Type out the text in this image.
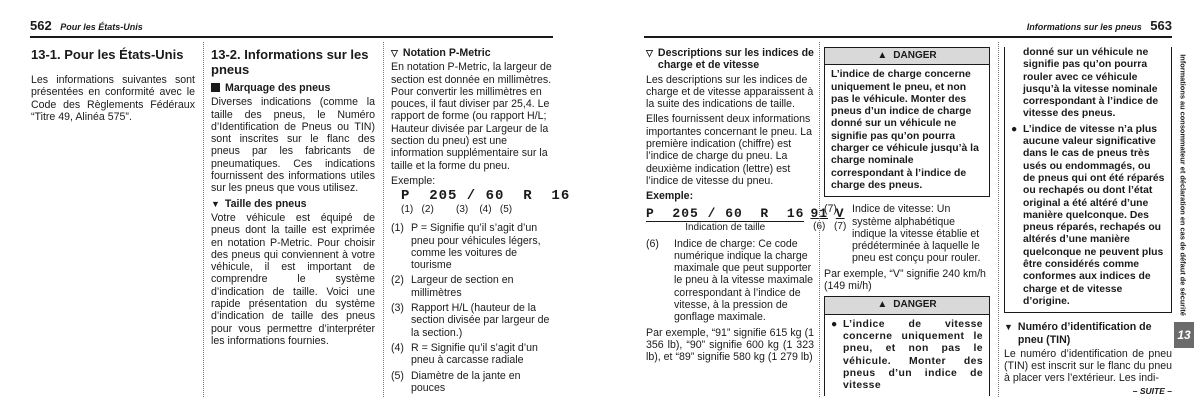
562 Pour les États-Unis
13-1. Pour les États-Unis

Les informations suivantes sont présentées en conformité avec le Code des Règlements Fédéraux “Titre 49, Alinéa 575”.

13-2. Informations sur les pneus
Marquage des pneus

Diverses indications (comme la taille des pneus, le Numéro d’Identification de Pneus ou TIN) sont inscrites sur le flanc des pneus par les fabricants de pneumatiques. Ces indications fournissent des informations utiles sur les pneus que vous utilisez.

▼ Taille des pneus

Votre véhicule est équipé de pneus dont la taille est exprimée en notation P-Metric. Pour choisir des pneus qui conviennent à votre véhicule, il est important de comprendre le système d’indication de taille. Voici une rapide présentation du système d’indication de taille des pneus pour vous permettre d’interpréter les informations fournies.

▽ Notation P-Metric

En notation P-Metric, la largeur de section est donnée en millimètres. Pour convertir les millimètres en pouces, il faut diviser par 25,4. Le rapport de forme (ou rapport H/L; Hauteur divisée par Largeur de la section du pneu) est une information supplémentaire sur la taille et la forme du pneu.

Exemple:

P  205 / 60  R  16
(1)   (2)        (3)    (4)   (5)
(1) P = Signifie qu’il s’agit d’un pneu pour véhicules légers, comme les voitures de tourisme
(2) Largeur de section en millimètres
(3) Rapport H/L (hauteur de la section divisée par largeur de la section.)
(4) R = Signifie qu’il s’agit d’un pneu à carcasse radiale
(5) Diamètre de la jante en pouces
Informations sur les pneus 563
▽ Descriptions sur les indices de charge et de vitesse

Les descriptions sur les indices de charge et de vitesse apparaissent à la suite des indications de taille.

Elles fournissent deux informations importantes concernant le pneu. La première indication (chiffre) est l’indice de charge du pneu. La deuxième indication (lettre) est l’indice de vitesse du pneu.

Exemple:
P  205 / 60  R  16
Indication de taille
91
(6)
V
(7)
(6)	Indice de charge: Ce code numérique indique la charge maximale que peut supporter le pneu à la vitesse maximale correspondant à l’indice de vitesse, à la pression de gonflage maximale.

Par exemple, “91” signifie 615 kg (1 356 lb), “90” signifie 600 kg (1 323 lb), et “89” signifie 580 kg (1 279 lb)

▲ DANGER
L’indice de charge concerne uniquement le pneu, et non pas le véhicule. Monter des pneus d’un indice de charge donné sur un véhicule ne signifie pas qu’on pourra charger ce véhicule jusqu’à la charge nominale correspondant à l’indice de charge des pneus.
(7)	Indice de vitesse: Un système alphabétique indique la vitesse établie et prédéterminée à laquelle le pneu est conçu pour rouler.

Par exemple, “V” signifie 240 km/h (149 mi/h)

▲ DANGER
● L’indice de vitesse concerne uniquement le pneu, et non pas le véhicule. Monter des pneus d’un indice de vitesse

donné sur un véhicule ne signifie pas qu’on pourra rouler avec ce véhicule jusqu’à la vitesse nominale correspondant à l’indice de vitesse des pneus.

● L’indice de vitesse n’a plus aucune valeur significative dans le cas de pneus très usés ou endommagés, ou de pneus qui ont été réparés ou rechapés ou dont l’état original a été altéré d’une manière quelconque. Des pneus réparés, rechapés ou altérés d’une manière quelconque ne peuvent plus être considérés comme conformes aux indices de charge et de vitesse d’origine.
▼ Numéro d’identification de pneu (TIN)

Le numéro d’identification de pneu (TIN) est inscrit sur le flanc du pneu à placer vers l’extérieur. Les indi-

– SUITE –
Informations au consommateur et déclaration en cas de défaut de sécurité
13
